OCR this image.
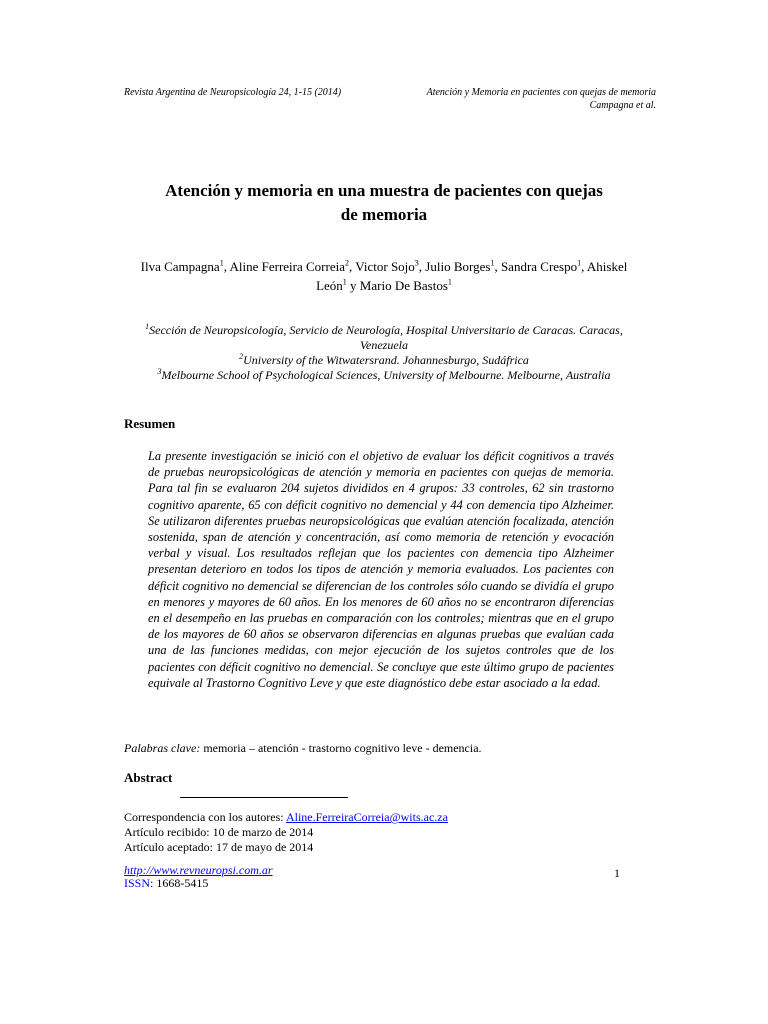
Revista Argentina de Neuropsicología 24, 1-15 (2014)	Atención y Memoria en pacientes con quejas de memoria
Campagna et al.
Atención y memoria en una muestra de pacientes con quejas
de memoria
Ilva Campagna$^1$, Aline Ferreira Correia$^2$, Victor Sojo$^3$, Julio Borges$^1$, Sandra Crespo$^1$, Ahiskel León$^1$ y Mario De Bastos$^1$
$^1$Sección de Neuropsicología, Servicio de Neurología, Hospital Universitario de Caracas. Caracas, Venezuela
$^2$University of the Witwatersrand. Johannesburgo, Sudáfrica
$^3$Melbourne School of Psychological Sciences, University of Melbourne. Melbourne, Australia
Resumen
La presente investigación se inició con el objetivo de evaluar los déficit cognitivos a través de pruebas neuropsicológicas de atención y memoria en pacientes con quejas de memoria. Para tal fin se evaluaron 204 sujetos divididos en 4 grupos: 33 controles, 62 sin trastorno cognitivo aparente, 65 con déficit cognitivo no demencial y 44 con demencia tipo Alzheimer. Se utilizaron diferentes pruebas neuropsicológicas que evalúan atención focalizada, atención sostenida, span de atención y concentración, así como memoria de retención y evocación verbal y visual. Los resultados reflejan que los pacientes con demencia tipo Alzheimer presentan deterioro en todos los tipos de atención y memoria evaluados. Los pacientes con déficit cognitivo no demencial se diferencian de los controles sólo cuando se dividía el grupo en menores y mayores de 60 años. En los menores de 60 años no se encontraron diferencias en el desempeño en las pruebas en comparación con los controles; mientras que en el grupo de los mayores de 60 años se observaron diferencias en algunas pruebas que evalúan cada una de las funciones medidas, con mejor ejecución de los sujetos controles que de los pacientes con déficit cognitivo no demencial. Se concluye que este último grupo de pacientes equivale al Trastorno Cognitivo Leve y que este diagnóstico debe estar asociado a la edad.
Palabras clave: memoria – atención - trastorno cognitivo leve - demencia.
Abstract
Correspondencia con los autores: Aline.FerreiraCorreia@wits.ac.za
Artículo recibido: 10 de marzo de 2014
Artículo aceptado: 17 de mayo de 2014
http://www.revneuropsi.com.ar
ISSN: 1668-5415
1
